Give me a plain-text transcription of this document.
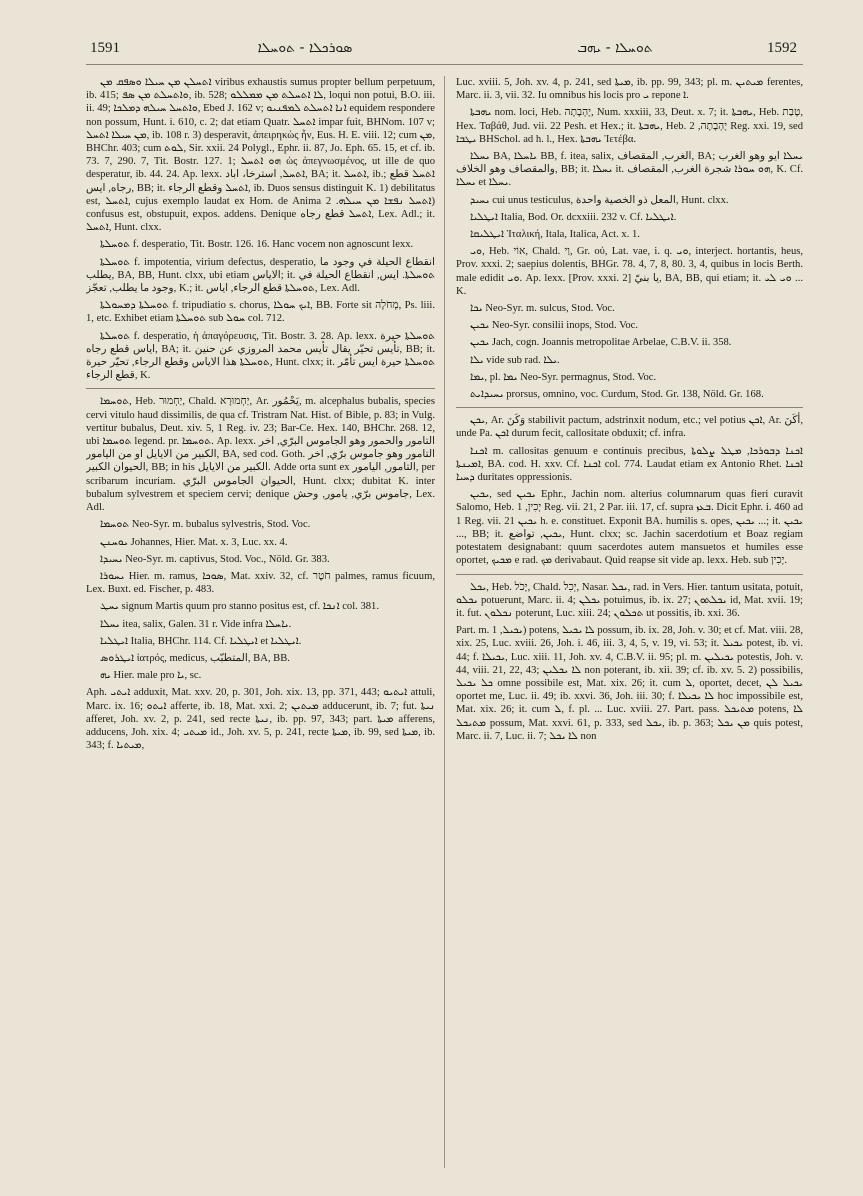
1591	ܣܘܪܟܠܐ - ܬܘܚܠܐ	ܬܘܚܠܐ - ܝܗܒ	1592

ܐܬܚܠܢ ܡܢ ܚܝܠܐ ܘܣܦܩ ܡܢ viribus exhaustis sumus propter bellum perpetuum, ib. 415; ܘܐܬܚܠܬ ܡܢ ܣܦ, ib. 528; ܠܐ ܐܬܚܠܬ ܡܢ ܡܡܠܠܘ, loqui non potui, B.O. iii. ii. 49; ܘܐܬܚܠ ܚܝܠܗ ܕܡܠܟܐ, Ebed J. 162 v; ܐܢܐ ܐܬܚܠܬ ܠܡܦܢܝܘ equidem respondere non possum, Hunt. i. 610, c. 2; dat etiam Quatr. ܐܬܚܠ impar fuit, BHNom. 107 v; ܡܢ ܚܝܠܐ ܐܬܚܠ, ib. 108 r. 3) desperavit, ἀπειρηκὼς ἦν, Eus. H. E. viii. 12; cum ܡܢ, BHChr. 403; cum ܠܘܬ, Sir. xxii. 24 Polygl., Ephr. ii. 87, Jo. Eph. 65. 15, et cf. ib. 73. 7, 290. 7, Tit. Bostr. 127. 1; ܗܘ ܐܬܚܠ ὡς ἀπεγνωσμένος, ut ille de quo desperatur, ib. 44. 24. Ap. lexx. ܐܬܚܠ, استرخا، اباد, BA; it. ܐܬܚܠ, ib.; ܐܬܚܠ قطع رجاه, ايس, BB; it. ܐܬܚܠ وقطع الرجاء, ib. Duos sensus distinguit K. 1) debilitatus est, ܐܬܚܠ, cujus exemplo laudat ex Hom. de Anima ܐܬܚܠ ܢܦܫܐ ܡܢ ܚܝܠܗ. 2) confusus est, obstupuit, expos. addens. Denique ܐܬܚܠ قطع رجاه, Lex. Adl.; it. ܐܬܚܠ, Hunt. clxx.

ܬܘܚܠܬܐ f. desperatio, Tit. Bostr. 126. 16. Hanc vocem non agnoscunt lexx.

ܬܘܚܠܬܐ f. impotentia, virium defectus, desperatio, انقطاع الحيلة في وجود ما يطلب, BA, BB, Hunt. clxx, ubi etiam الاياس; it. ܬܘܚܠܬܐ. ايس, انقطاع الحيلة في وجود ما يطلب, تعجّز, K.; it. ܬܘܚܠܬܐ قطع الرجاء, اياس, Lex. Adl.

ܬܘܚܠܬܐ ܕܡܚܘܠܬܐ f. tripudiatio s. chorus, ܐܝܟ ܚܘܠܐ, BB. Forte sit מְחֹלָה, Ps. liii. 1, etc. Exhibet etiam ܬܘܚܠܬܐ sub ܚܘܠ col. 712.

ܬܘܚܠܬܐ f. desperatio, ἡ ἀπαγόρευσις, Tit. Bostr. 3. 28. Ap. lexx. ܬܘܚܠܬܐ حيرة اياس قطع رجاه, BA; it. تأيس تحيّر يقال تأيس محمد المروزي عن حنين, BB; it. ܬܘܚܠܬܐ هذا الاياس وقطع الرجاء, تحيّر حيرة, Hunt. clxx; it. ܬܘܚܠܬܐ حيرة ايس تأمّر قطع الرجاء, K.

ܬܘܚܡܐ, Heb. יַחְמוּר, Chald. יַחְמוּרָא, Ar. يَحْمُور, m. alcephalus bubalis, species cervi vitulo haud dissimilis, de qua cf. Tristram Nat. Hist. of Bible, p. 83; in Vulg. vertitur bubalus, Deut. xiv. 5, 1 Reg. iv. 23; Bar-Ce. Hex. 140, BHChr. 268. 12, ubi ܬܘܚܡܐ legend. pr. ܬܘܚܡܐ. Ap. lexx. التامور والحمور وهو الجاموس البرّي, اخر الكبير من الايايل او من اليامور, BA, sed cod. Goth. التامور وهو جاموس برّي, اخر الحيوان الكبير, BB; in his الكبير من الايايل. Adde orta sunt ex التامور, اليامور, per scribarum incuriam. الحيوان الجاموس البرّي, Hunt. clxx; dubitat K. inter bubalum sylvestrem et speciem cervi; denique جاموس برّي, يامور, وحش, Lex. Adl.

ܬܘܚܡܐ Neo-Syr. m. bubalus sylvestris, Stod. Voc.

ܝܘܚܢܢ Johannes, Hier. Mat. x. 3, Luc. xx. 4.

ܝܚܝܕܐ Neo-Syr. m. captivus, Stod. Voc., Nöld. Gr. 383.

ܝܚܘܪܐ Hier. m. ramus, ܣܘܟܐ, Mat. xxiv. 32, cf. חֹטֶר palmes, ramus ficuum, Lex. Buxt. ed. Fischer, p. 483.

ܝܚܛ signum Martis quum pro stanno positus est, cf. ܐܢܟܐ col. 381.

ܝܚܠܐ itea, salix, Galen. 31 r. Vide infra ܝܐܚܠܐ.

ܐܝܛܠܝܐ Italia, BHChr. 114. Cf. ܐܝܛܠܝܐ et ܐܝܛܠܝܐ.

ܐܝܛܪܘܣ ἰατρός, medicus, المتطبّب, BA, BB.

ܝܗ Hier. male pro ܝܐ, sc.

Aph. ܐܝܬܝ adduxit, Mat. xxv. 20, p. 301, Joh. xix. 13, pp. 371, 443; ܐܝܬܝܘ attuli, Marc. ix. 16; ܐܝܬܘ afferte, ib. 18, Mat. xxi. 2; ܡܝܬܝܢ adducerunt, ib. 7; fut. ܢܝܬܐ afferet, Joh. xv. 2, p. 241, sed recte ܢܝܬܐ, ib. pp. 97, 343; part. ܡܝܬܐ afferens, adducens, Joh. xix. 4; ܡܝܬܝ id., Joh. xv. 5, p. 241, recte ܡܝܬܐ, ib. 99, sed ܡܝܬܐ, ib. 343; f. ܡܝܬܝܐ,

Luc. xviii. 5, Joh. xv. 4, p. 241, sed ܡܝܬܐ, ib. pp. 99, 343; pl. m. ܡܝܬܝܢ ferentes, Marc. ii. 3, vii. 32. Iu omnibus his locis pro ܝ repone ܐ.

ܝܗܒܬܐ nom. loci, Heb. יָהְבָתָה, Num. xxxiii, 33, Deut. x. 7; it. ܝܗܒܬܐ, Heb. טָבַת, Hex. Ταβάθ, Jud. vii. 22 Pesh. et Hex.; it. ܝܗܒܬܐ, Heb. יָהְבָתָה, 2 Reg. xxi. 19, sed ܝܛܒܐ BHSchol. ad h. l., Hex. ܝܗܒܬܐ Ἰετέβα.

ܝܚܠܐ BA, ܝܐܚܠܐ BB, f. itea, salix, الغرب, المقصاف, BA; ܝܚܠܐ ايو وهو الغرب والمقصاف وهو الخلاف, BB; it. ܝܚܠܐ it. ܗܘ ܚܘܪܐ شجرة الغرب, المقصاف, K. Cf. ܝܚܠܐ et ܝܚܠܐ.

ܝܚܝܕ cui unus testiculus, المعل ذو الخصية واحدة, Hunt. clxx.

ܐܝܛܠܝܐ Italia, Bod. Or. dcxxiii. 232 v. Cf. ܐܝܛܠܝܐ.

ܐܝܛܠܝܩܐ Ἰταλική, Itala, Italica, Act. x. 1.

ܘܝ, Heb. אוֹי, Chald. וַי, Gr. οὐ, Lat. vae, i. q. ܘܝ, interject. hortantis, heus, Prov. xxxi. 2; saepius dolentis, BHGr. 78. 4, 7, 8, 80. 3, 4, quibus in locis Berth. male edidit ܘܝ. Ap. lexx. [Prov. xxxi. 2] يا بنيّ, BA, BB, qui etiam; it. ܘܝ ܠܝ ... K.

ܝܟܐ Neo-Syr. m. sulcus, Stod. Voc.

ܝܟܝܢ Neo-Syr. consilii inops, Stod. Voc.

ܝܟܝܢ Jach, cogn. Joannis metropolitae Arbelae, C.B.V. ii. 358.

ܝܠܐ vide sub rad. ܝܠܐ.

ܝܡܐ, pl. ܝܡܐ Neo-Syr. permagnus, Stod. Voc.

ܝܚܝܕܐܝܬ prorsus, omnino, voc. Curdum, Stod. Gr. 138, Nöld. Gr. 168.

ܝܟܢ, Ar. وَكَنَ stabilivit pactum, adstrinxit nodum, etc.; vel potius ܐܟܢ, Ar. أكَنَ, unde Pa. ܐܟܢ durum fecit, callositate obduxit; cf. infra.

ܐܟܢܐ m. callositas genuum e continuis precibus, ܐܟܢܐ ܕܒܘܪܟܐ, ܡܛܠ ܨܠܘܬܐ ܐܡܝܢܬܐ, BA. cod. H. xxv. Cf. ܐܟܢܐ col. 774. Laudat etiam ex Antonio Rhet. ܐܟܢܐ ܕܚܝܐ duritates oppressionis.

ܝܟܝܢ, sed ܝܟܝܢ Ephr., Jachin nom. alterius columnarum quas fieri curavit Salomo, Heb. יָכִין, 1 Reg. vii. 21, 2 Par. iii. 17, cf. supra ܒܥܙ. Dicit Ephr. i. 460 ad 1 Reg. vii. 21 ܝܟܝܢ h. e. constituet. Exponit BA. humilis s. opes, ܝܟܝܢ ...; it. ܝܟܝܢ ..., BB; it. ܝܟܝܢ, تواضع, Hunt. clxx; sc. Jachin sacerdotium et Boaz regiam potestatem designabant: quum sacerdotes autem mansuetos et humiles esse oportet, ܡܟܝܟ e rad. ܡܟ derivabaut. Quid reapse sit vide ap. lexx. Heb. sub יָכִין.

ܝܟܠ, Heb. יָכֹל, Chald. יְכִל, Nasar. ܝܟܠ, rad. in Vers. Hier. tantum usitata, potuit, ܝܟܠܘ potuerunt, Marc. ii. 4; ܝܟܠܢ potuimus, ib. ix. 27; ܝܟܠܬܘܢ id, Mat. xvii. 19; it. fut. ܢܟܠܘܢ poterunt, Luc. xiii. 24; ܬܟܠܘܢ ut possitis, ib. xxi. 36.

Part. m. ܝܟܝܠ, 1) potens, ܠܐ ܝܟܝܠ possum, ib. ix. 28, Joh. v. 30; et cf. Mat. viii. 28, xix. 25, Luc. xviii. 26, Joh. i. 46, iii. 3, 4, 5, v. 19, vi. 53; it. ܝܟܝܠ potest, ib. vi. 44; f. ܝܟܝܠܐ, Luc. xiii. 11, Joh. xv. 4, C.B.V. ii. 95; pl. m. ܝܟܝܠܝܢ potestis, Joh. v. 44, viii. 21, 22, 43; ܠܐ ܝܟܠܝܢ non poterant, ib. xii. 39; cf. ib. xv. 5. 2) possibilis, ܟܠ ܝܟܝܠ omne possibile est, Mat. xix. 26; it. cum ܠ, oportet, decet, ܝܟܝܠ ܠܢ oportet me, Luc. ii. 49; ib. xxvi. 36, Joh. iii. 30; f. ܠܐ ܝܟܝܠܐ hoc impossibile est, Mat. xix. 26; it. cum ܠ, f. pl. ... Luc. xviii. 27. Part. pass. ܡܬܝܟܠ potens, ܠܐ ܡܬܝܟܠ possum, Mat. xxvi. 61, p. 333, sed ܝܟܠ, ib. p. 363; ܡܢ ܝܟܠ quis potest, Marc. ii. 7, Luc. ii. 7; ܠܐ ܝܟܠ non
